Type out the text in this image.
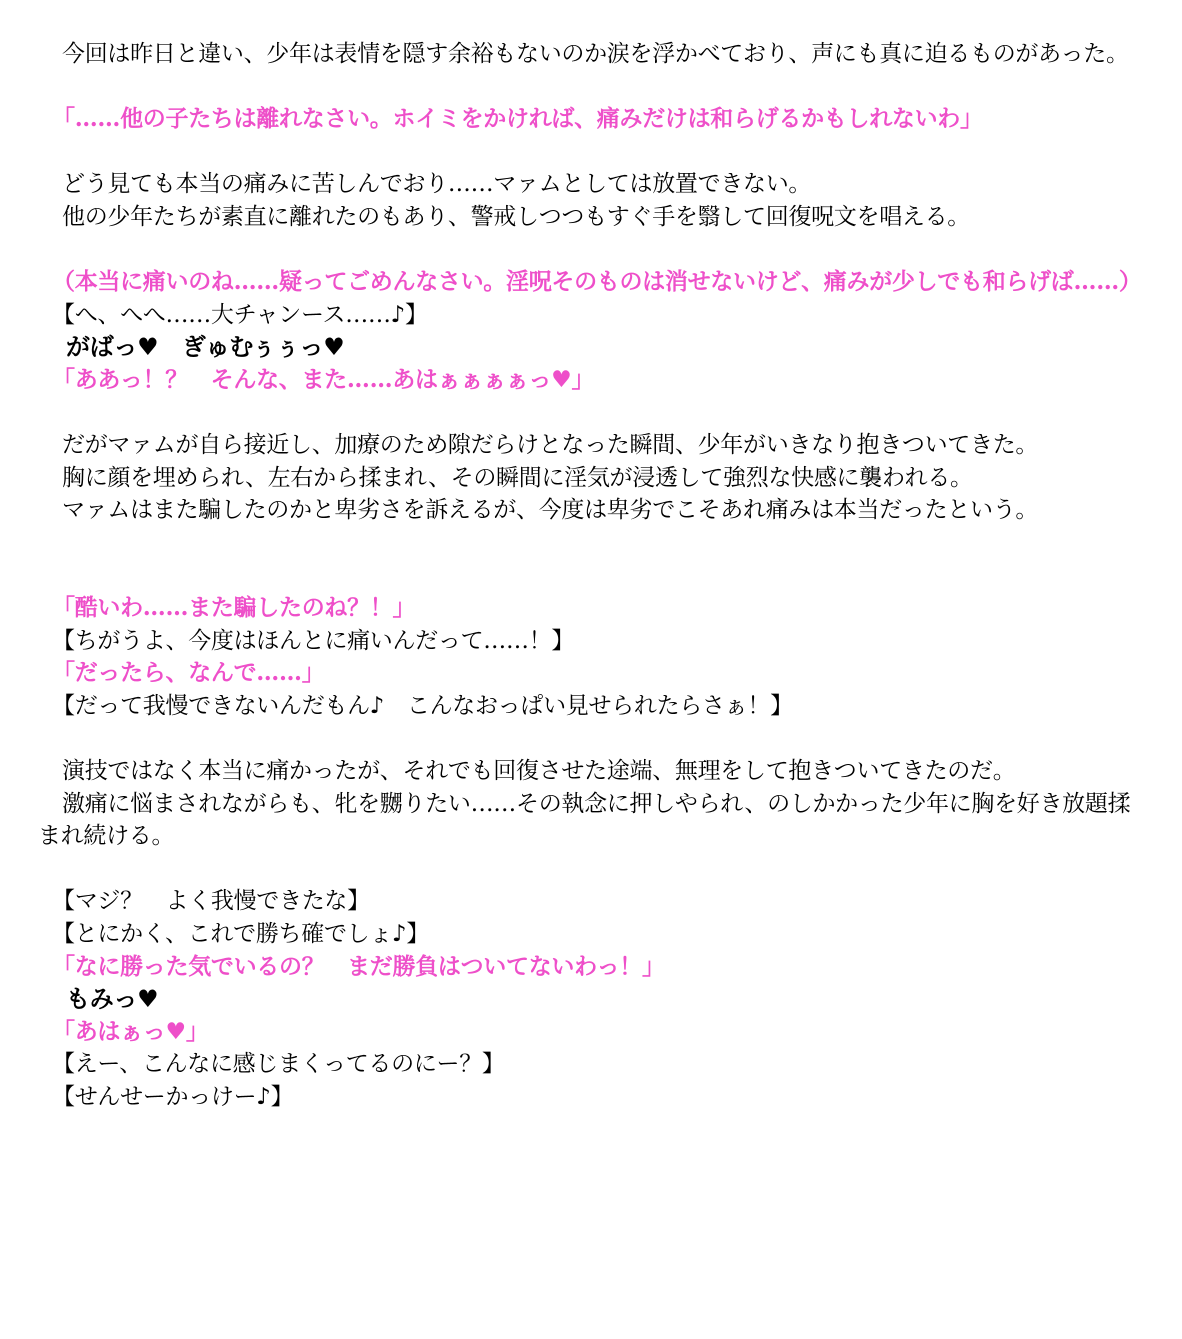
今回は昨日と違い、少年は表情を隠す余裕もないのか涙を浮かべており、声にも真に迫るものがあった。
「……他の子たちは離れなさい。ホイミをかければ、痛みだけは和らげるかもしれないわ」
どう見ても本当の痛みに苦しんでおり……マァムとしては放置できない。
他の少年たちが素直に離れたのもあり、警戒しつつもすぐ手を翳して回復呪文を唱える。
（本当に痛いのね……疑ってごめんなさい。淫呪そのものは消せないけど、痛みが少しでも和らげば……）
【へ、へへ……大チャンース……♪】
がばっ♥　ぎゅむぅぅっ♥
「ああっ！？　そんな、また……あはぁぁぁぁっ♥」
だがマァムが自ら接近し、加療のため隙だらけとなった瞬間、少年がいきなり抱きついてきた。
胸に顔を埋められ、左右から揉まれ、その瞬間に淫気が浸透して強烈な快感に襲われる。
マァムはまた騙したのかと卑劣さを訴えるが、今度は卑劣でこそあれ痛みは本当だったという。
「酷いわ……また騙したのね？！」
【ちがうよ、今度はほんとに痛いんだって……！】
「だったら、なんで……」
【だって我慢できないんだもん♪　こんなおっぱい見せられたらさぁ！】
演技ではなく本当に痛かったが、それでも回復させた途端、無理をして抱きついてきたのだ。
激痛に悩まされながらも、牝を嬲りたい……その執念に押しやられ、のしかかった少年に胸を好き放題揉まれ続ける。
【マジ？　よく我慢できたな】
【とにかく、これで勝ち確でしょ♪】
「なに勝った気でいるの？　まだ勝負はついてないわっ！」
もみっ♥
「あはぁっ♥」
【えー、こんなに感じまくってるのにー？】
【せんせーかっけー♪】
